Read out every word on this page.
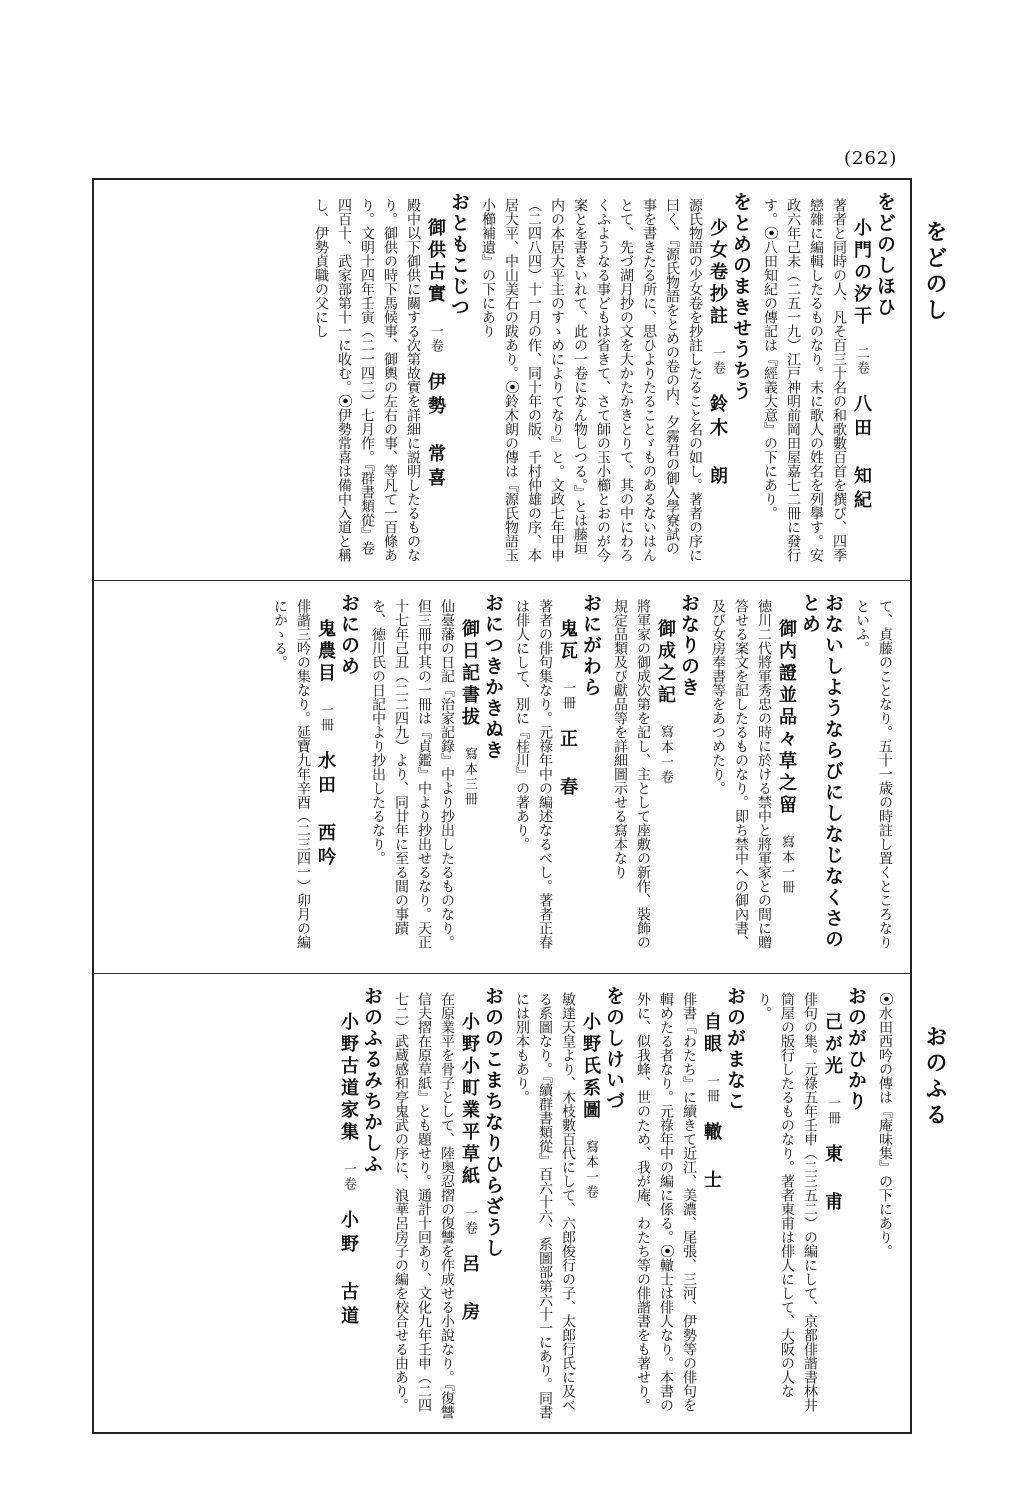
(262)
をどのし
おのふる
をどのしほひ
小門の汐干二卷八田　知紀
著者と同時の人、凡そ百三十名の和歌數百首を撰び、四季戀雜に編輯したるものなり。末に歌人の姓名を列擧す。安政六年己未（二五一九）江戸神明前岡田屋嘉七二冊に發行す。⦿八田知紀の傳記は『經義大意』の下にあり。
をとめのまきせうちう
少女卷抄註一卷鈴木　朗
源氏物語の少女卷を抄註したること名の如し。著者の序に曰く、『源氏物語をとめの卷の内、夕霧君の御入學寮試の事を書きたる所に、思ひよりたることゞものあるないはんとて、先づ湖月抄の文を大かたかきとりて、其の中にわろくふようなる事どもは省きて、さて師の玉小櫛とおのが今案とを書きいれて、此の一卷になん物しつる。』とは藤垣内の本居大平主のすゝめによりてなり』と。文政七年甲申（二四八四）十一月の作、同十年の版、千村仲雄の序、本居大平、中山美石の跋あり。⦿鈴木朗の傳は『源氏物語玉小櫛補遺』の下にあり
おともこじつ
御供古實一卷伊勢　常喜
殿中以下御供に關する次第故實を詳細に説明したるものなり。御供の時下馬候事、御輿の左右の事、等凡て一百條あり。文明十四年壬寅（二一四二）七月作。『群書類從』卷四百十、武家部第十一に收む。⦿伊勢常喜は備中入道と稱し、伊勢貞職の父にし
て、貞藤のことなり。五十一歳の時註し置くところなりといふ。
おないしようならびにしなじなくさのとめ
御内證並品々草之留寫本一冊
徳川二代將軍秀忠の時に於ける禁中と將軍家との間に贈答せる案文を記したるものなり。即ち禁中への御內書、及び女房奉書等をあつめたり。
おなりのき
御成之記寫本一卷
將軍家の御成次第を記し、主として座敷の新作、裝飾の規定品類及び獻品等を詳細圖示せる寫本なり
おにがわら
鬼瓦一冊正　春
著者の俳句集なり。元祿年中の編述なるべし。著者正春は俳人にして、別に『桂川』の著あり。
おにつきかきぬき
御日記書拔寫本三冊
仙臺藩の日記『治家記錄』中より抄出したるものなり。但三冊中其の一冊は『貞鑑』中より抄出せるなり。天正十七年己丑（二二四九）より、同廿年に至る間の事蹟を、徳川氏の日記中より抄出したるなり。
おにのめ
鬼農目一冊水田　西吟
俳諧三吟の集なり。延寶九年辛酉（二三四一）卯月の編にかゝる。
⦿水田西吟の傳は『庵味集』の下にあり。
おのがひかり
己が光一冊東　甫
俳句の集。元祿五年壬申（二三五二）の編にして、京都俳諧書林井筒屋の版行したるものなり。著者東甫は俳人にして、大阪の人なり。
おのがまなこ
自眼一冊轍　士
俳書『わたち』に續きて近江、美濃、尾張、三河、伊勢等の俳句を輯めたる者なり。元祿年中の編に係る。⦿轍士は俳人なり。本書の外に、似我蜂、世のため、我が庵、わたち等の俳諧書をも著せり。
をのしけいづ
小野氏系圖寫本一卷
敏達天皇より、木枝數百代にして、六郎俊行の子、太郎行氏に及べる系圖なり。『續群書類從』百六十六、系圖部第六十一にあり。同書には別本もあり。
おののこまちなりひらざうし
小野小町業平草紙一卷呂　房
在原業平を骨子として、陸奥忍摺の復讐を作成せる小說なり。『復讐信夫摺在原草紙』とも題せり。通計十回あり、文化九年壬申（二四七二）武蔵感和亭鬼武の序に、浪華呂房子の編を校合せる由あり。
おのふるみちかしふ
小野古道家集一卷小野　古道
